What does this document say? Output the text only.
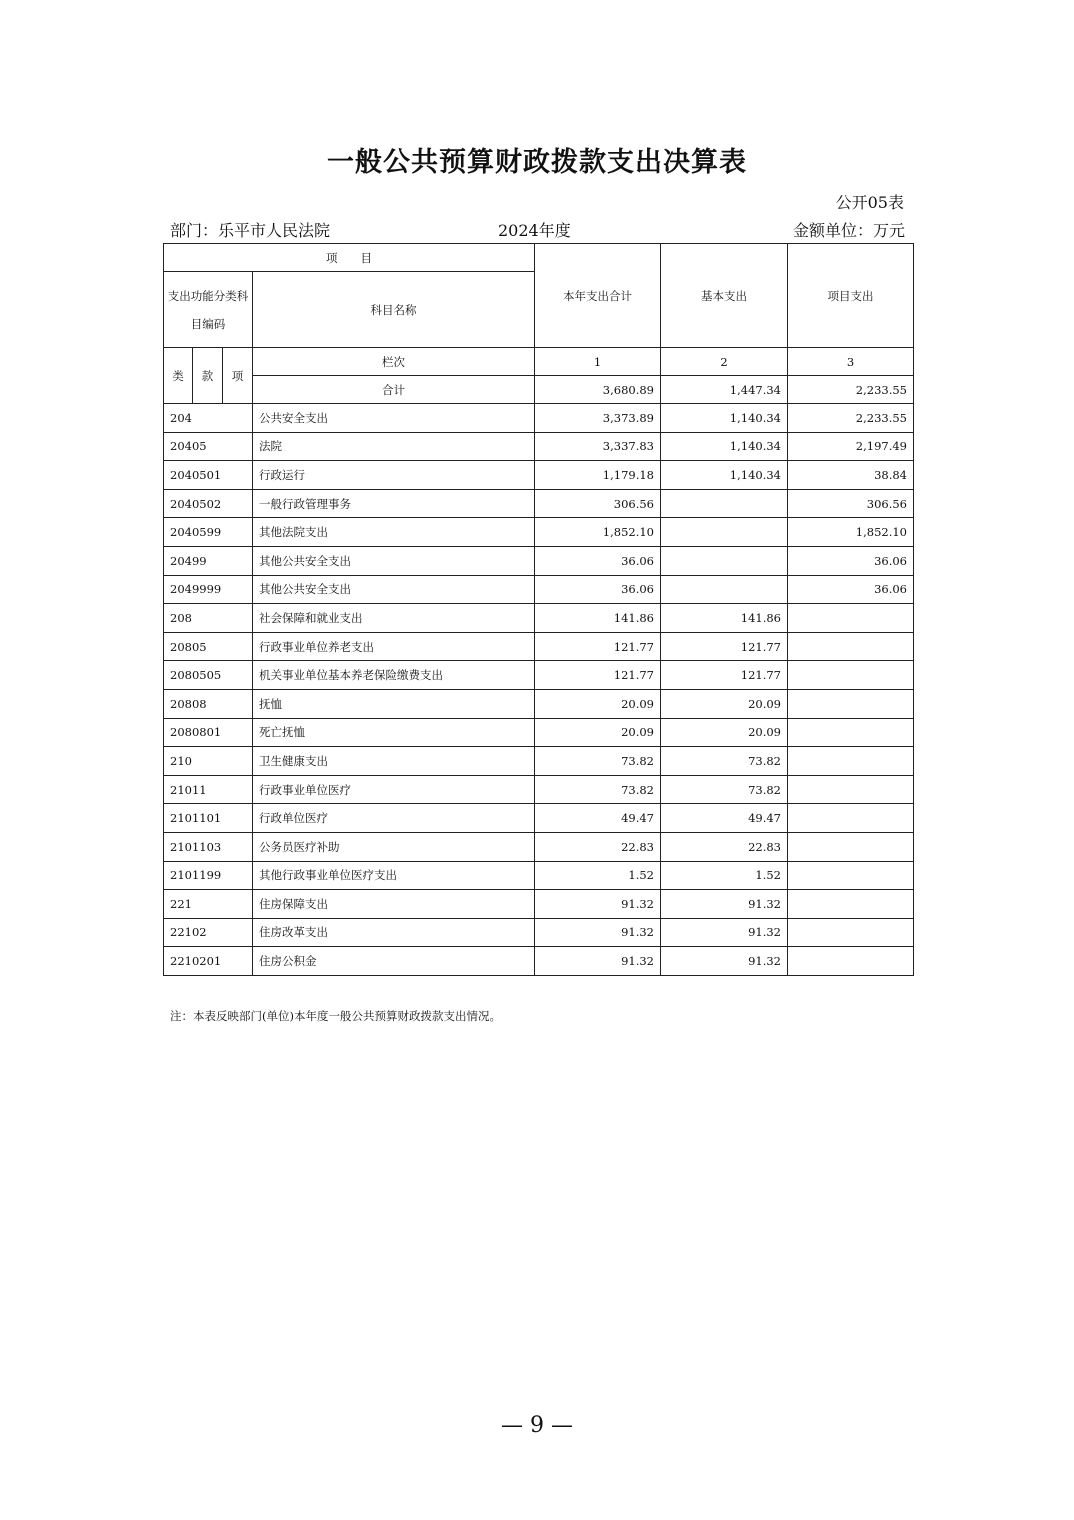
一般公共预算财政拨款支出决算表
公开05表
部门：乐平市人民法院	2024年度	金额单位：万元
项　　目				本年支出合计	基本支出	项目支出
支出功能分类科目编码			科目名称			
类	款	项	栏次	1	2	3
			合计	3,680.89	1,447.34	2,233.55
204			公共安全支出	3,373.89	1,140.34	2,233.55
20405			法院	3,337.83	1,140.34	2,197.49
2040501			行政运行	1,179.18	1,140.34	38.84
2040502			一般行政管理事务	306.56		306.56
2040599			其他法院支出	1,852.10		1,852.10
20499			其他公共安全支出	36.06		36.06
2049999			其他公共安全支出	36.06		36.06
208			社会保障和就业支出	141.86	141.86	
20805			行政事业单位养老支出	121.77	121.77	
2080505			机关事业单位基本养老保险缴费支出	121.77	121.77	
20808			抚恤	20.09	20.09	
2080801			死亡抚恤	20.09	20.09	
210			卫生健康支出	73.82	73.82	
21011			行政事业单位医疗	73.82	73.82	
2101101			行政单位医疗	49.47	49.47	
2101103			公务员医疗补助	22.83	22.83	
2101199			其他行政事业单位医疗支出	1.52	1.52	
221			住房保障支出	91.32	91.32	
22102			住房改革支出	91.32	91.32	
2210201			住房公积金	91.32	91.32	
注：本表反映部门(单位)本年度一般公共预算财政拨款支出情况。
— 9 —
